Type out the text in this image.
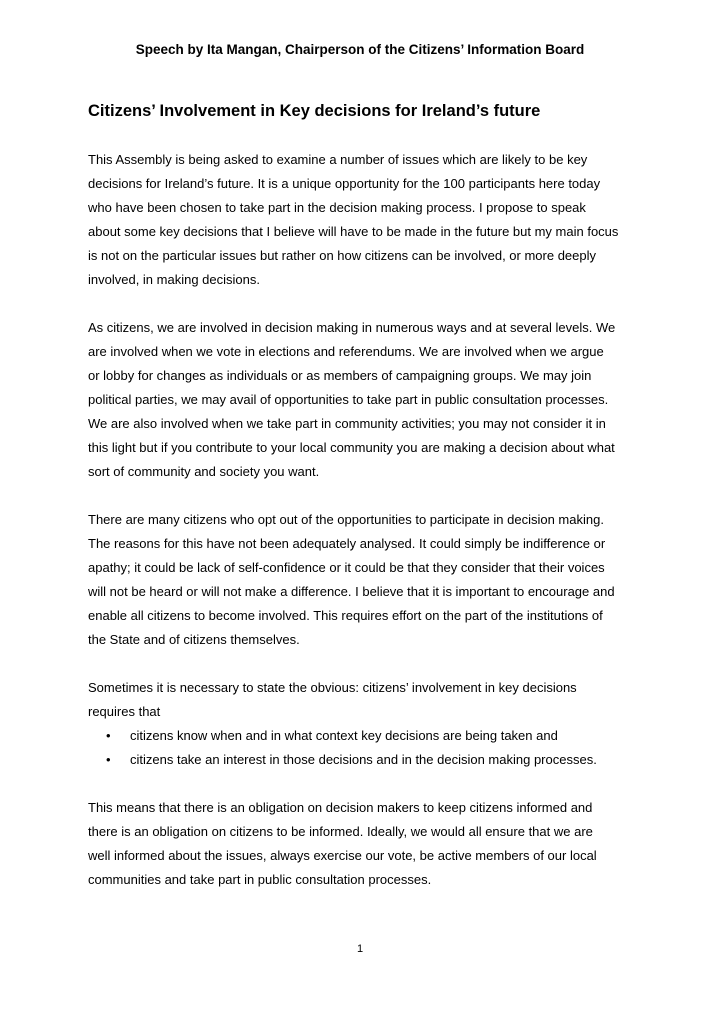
Speech by Ita Mangan, Chairperson of the Citizens’ Information Board
Citizens’ Involvement in Key decisions for Ireland’s future

This Assembly is being asked to examine a number of issues which are likely to be key
decisions for Ireland’s future. It is a unique opportunity for the 100 participants here today
who have been chosen to take part in the decision making process. I propose to speak
about some key decisions that I believe will have to be made in the future but my main focus
is not on the particular issues but rather on how citizens can be involved, or more deeply
involved, in making decisions.

As citizens, we are involved in decision making in numerous ways and at several levels. We
are involved when we vote in elections and referendums. We are involved when we argue
or lobby for changes as individuals or as members of campaigning groups. We may join
political parties, we may avail of opportunities to take part in public consultation processes.
We are also involved when we take part in community activities; you may not consider it in
this light but if you contribute to your local community you are making a decision about what
sort of community and society you want.

There are many citizens who opt out of the opportunities to participate in decision making.
The reasons for this have not been adequately analysed. It could simply be indifference or
apathy; it could be lack of self-confidence or it could be that they consider that their voices
will not be heard or will not make a difference. I believe that it is important to encourage and
enable all citizens to become involved. This requires effort on the part of the institutions of
the State and of citizens themselves.

Sometimes it is necessary to state the obvious: citizens’ involvement in key decisions
requires that

• citizens know when and in what context key decisions are being taken and
• citizens take an interest in those decisions and in the decision making processes.

This means that there is an obligation on decision makers to keep citizens informed and
there is an obligation on citizens to be informed. Ideally, we would all ensure that we are
well informed about the issues, always exercise our vote, be active members of our local
communities and take part in public consultation processes.

1
